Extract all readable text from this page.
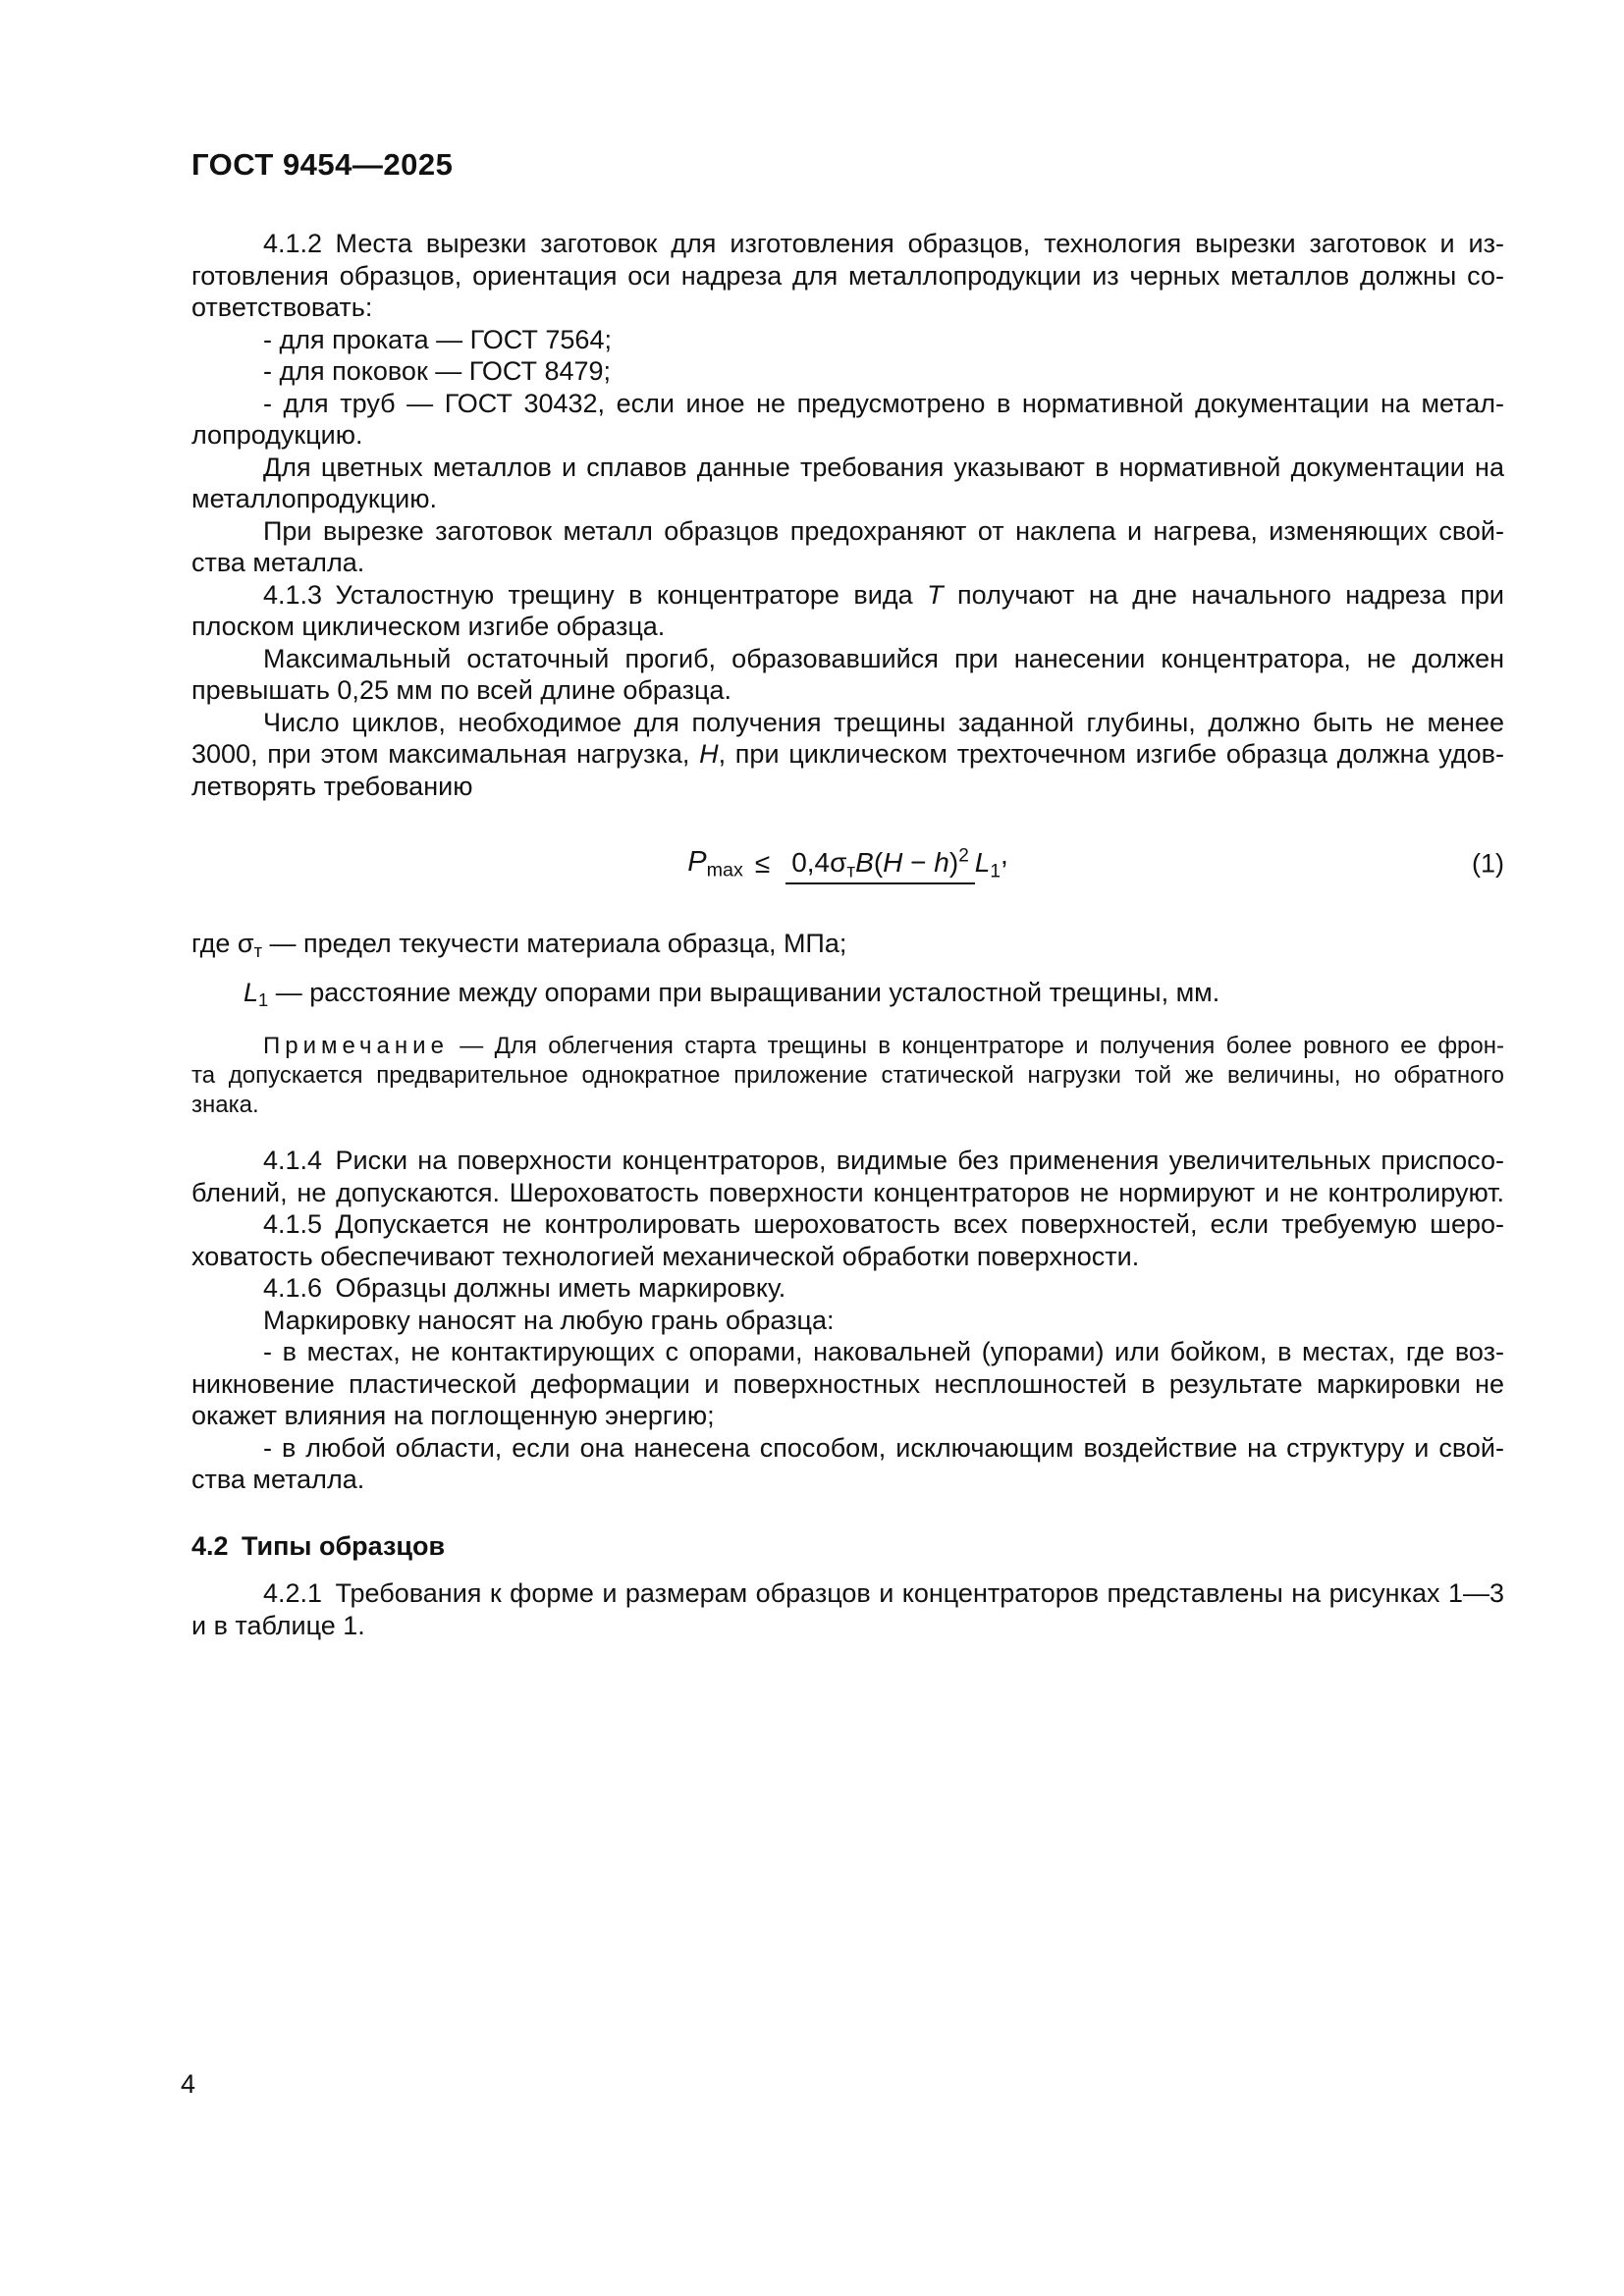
ГОСТ 9454—2025
4.1.2 Места вырезки заготовок для изготовления образцов, технология вырезки заготовок и из-
готовления образцов, ориентация оси надреза для металлопродукции из черных металлов должны со-
ответствовать:
- для проката — ГОСТ 7564;
- для поковок — ГОСТ 8479;
- для труб — ГОСТ 30432, если иное не предусмотрено в нормативной документации на метал-
лопродукцию.
Для цветных металлов и сплавов данные требования указывают в нормативной документации на
металлопродукцию.
При вырезке заготовок металл образцов предохраняют от наклепа и нагрева, изменяющих свой-
ства металла.
4.1.3 Усталостную трещину в концентраторе вида Т получают на дне начального надреза при
плоском циклическом изгибе образца.
Максимальный остаточный прогиб, образовавшийся при нанесении концентратора, не должен
превышать 0,25 мм по всей длине образца.
Число циклов, необходимое для получения трещины заданной глубины, должно быть не менее
3000, при этом максимальная нагрузка, Н, при циклическом трехточечном изгибе образца должна удов-
летворять требованию
$Pmax \le 0,4\sigma тB(H - h)^2$ L1
,	(1)
где σт — предел текучести материала образца, МПа;
L1 — расстояние между опорами при выращивании усталостной трещины, мм.
Примечание — Для облегчения старта трещины в концентраторе и получения более ровного ее фрон-
та допускается предварительное однократное приложение статической нагрузки той же величины, но обратного
знака.
4.1.4 Риски на поверхности концентраторов, видимые без применения увеличительных приспосо-
блений, не допускаются. Шероховатость поверхности концентраторов не нормируют и не контролируют.
4.1.5 Допускается не контролировать шероховатость всех поверхностей, если требуемую шеро-
ховатость обеспечивают технологией механической обработки поверхности.
4.1.6 Образцы должны иметь маркировку.
Маркировку наносят на любую грань образца:
- в местах, не контактирующих с опорами, наковальней (упорами) или бойком, в местах, где воз-
никновение пластической деформации и поверхностных несплошностей в результате маркировки не
окажет влияния на поглощенную энергию;
- в любой области, если она нанесена способом, исключающим воздействие на структуру и свой-
ства металла.
4.2 Типы образцов
4.2.1 Требования к форме и размерам образцов и концентраторов представлены на рисунках 1—3
и в таблице 1.
4
